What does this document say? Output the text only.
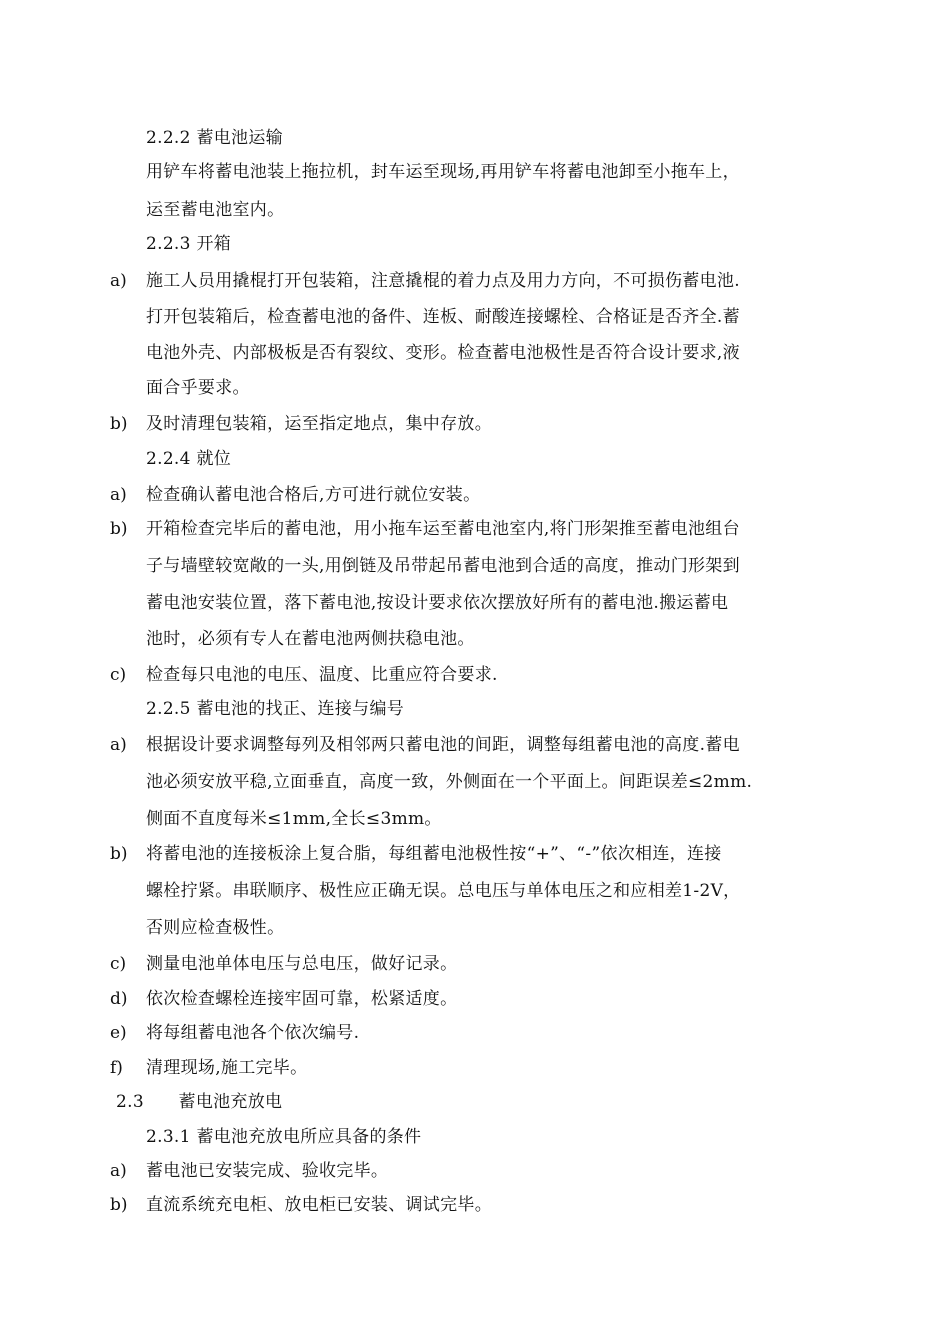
2.2.2 蓄电池运输
用铲车将蓄电池装上拖拉机，封车运至现场,再用铲车将蓄电池卸至小拖车上，
运至蓄电池室内。
2.2.3 开箱
a) 施工人员用撬棍打开包装箱，注意撬棍的着力点及用力方向，不可损伤蓄电池.
打开包装箱后，检查蓄电池的备件、连板、耐酸连接螺栓、合格证是否齐全.蓄
电池外壳、内部极板是否有裂纹、变形。检查蓄电池极性是否符合设计要求,液
面合乎要求。
b) 及时清理包装箱，运至指定地点，集中存放。
2.2.4 就位
a) 检查确认蓄电池合格后,方可进行就位安装。
b) 开箱检查完毕后的蓄电池，用小拖车运至蓄电池室内,将门形架推至蓄电池组台
子与墙壁较宽敞的一头,用倒链及吊带起吊蓄电池到合适的高度，推动门形架到
蓄电池安装位置，落下蓄电池,按设计要求依次摆放好所有的蓄电池.搬运蓄电
池时，必须有专人在蓄电池两侧扶稳电池。
c) 检查每只电池的电压、温度、比重应符合要求.
2.2.5 蓄电池的找正、连接与编号
a) 根据设计要求调整每列及相邻两只蓄电池的间距，调整每组蓄电池的高度.蓄电
池必须安放平稳,立面垂直，高度一致，外侧面在一个平面上。间距误差≤2mm.
侧面不直度每米≤1mm,全长≤3mm。
b) 将蓄电池的连接板涂上复合脂，每组蓄电池极性按“+”、“-”依次相连，连接
螺栓拧紧。串联顺序、极性应正确无误。总电压与单体电压之和应相差1-2V，
否则应检查极性。
c) 测量电池单体电压与总电压，做好记录。
d) 依次检查螺栓连接牢固可靠，松紧适度。
e) 将每组蓄电池各个依次编号.
f) 清理现场,施工完毕。
2.3　　蓄电池充放电
2.3.1 蓄电池充放电所应具备的条件
a) 蓄电池已安装完成、验收完毕。
b) 直流系统充电柜、放电柜已安装、调试完毕。
